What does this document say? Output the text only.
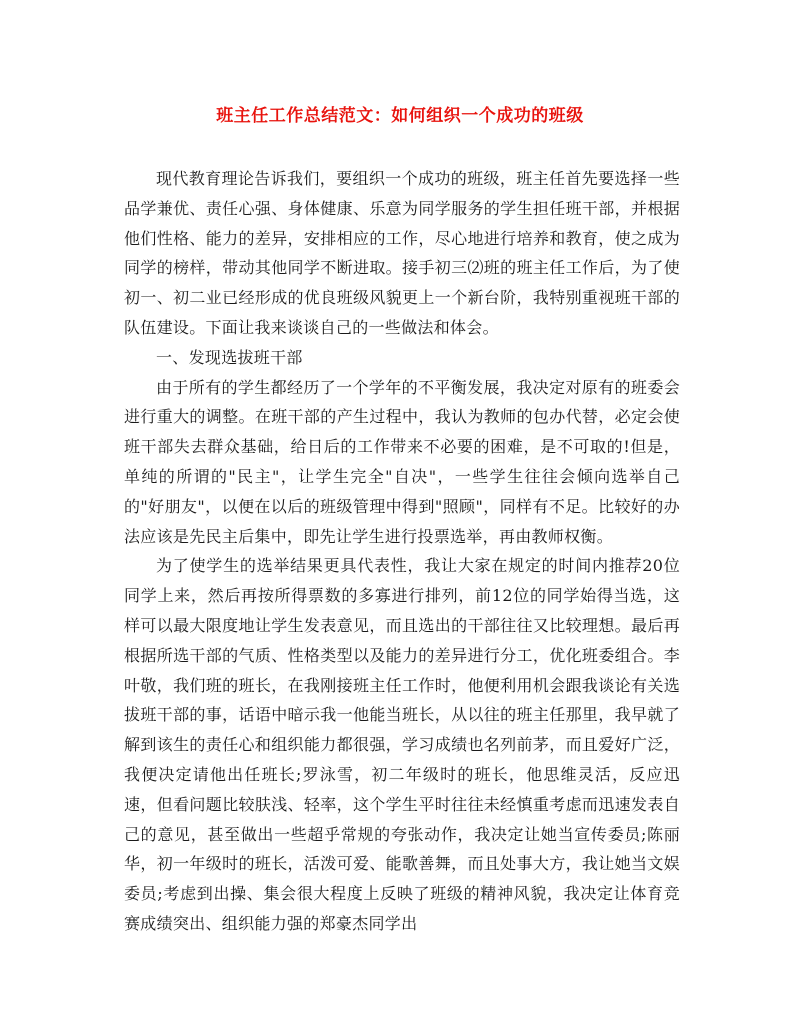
班主任工作总结范文：如何组织一个成功的班级

现代教育理论告诉我们，要组织一个成功的班级，班主任首先要选择一些品学兼优、责任心强、身体健康、乐意为同学服务的学生担任班干部，并根据他们性格、能力的差异，安排相应的工作，尽心地进行培养和教育，使之成为同学的榜样，带动其他同学不断进取。接手初三⑵班的班主任工作后，为了使初一、初二业已经形成的优良班级风貌更上一个新台阶，我特别重视班干部的队伍建设。下面让我来谈谈自己的一些做法和体会。

一、发现选拔班干部

由于所有的学生都经历了一个学年的不平衡发展，我决定对原有的班委会进行重大的调整。在班干部的产生过程中，我认为教师的包办代替，必定会使班干部失去群众基础，给日后的工作带来不必要的困难，是不可取的!但是，单纯的所谓的"民主"，让学生完全"自决"，一些学生往往会倾向选举自己的"好朋友"，以便在以后的班级管理中得到"照顾"，同样有不足。比较好的办法应该是先民主后集中，即先让学生进行投票选举，再由教师权衡。

为了使学生的选举结果更具代表性，我让大家在规定的时间内推荐20位同学上来，然后再按所得票数的多寡进行排列，前12位的同学始得当选，这样可以最大限度地让学生发表意见，而且选出的干部往往又比较理想。最后再根据所选干部的气质、性格类型以及能力的差异进行分工，优化班委组合。李叶敬，我们班的班长，在我刚接班主任工作时，他便利用机会跟我谈论有关选拔班干部的事，话语中暗示我一他能当班长，从以往的班主任那里，我早就了解到该生的责任心和组织能力都很强，学习成绩也名列前茅，而且爱好广泛，我便决定请他出任班长;罗泳雪，初二年级时的班长，他思维灵活，反应迅速，但看问题比较肤浅、轻率，这个学生平时往往未经慎重考虑而迅速发表自己的意见，甚至做出一些超乎常规的夸张动作，我决定让她当宣传委员;陈丽华，初一年级时的班长，活泼可爱、能歌善舞，而且处事大方，我让她当文娱委员;考虑到出操、集会很大程度上反映了班级的精神风貌，我决定让体育竞赛成绩突出、组织能力强的郑豪杰同学出
